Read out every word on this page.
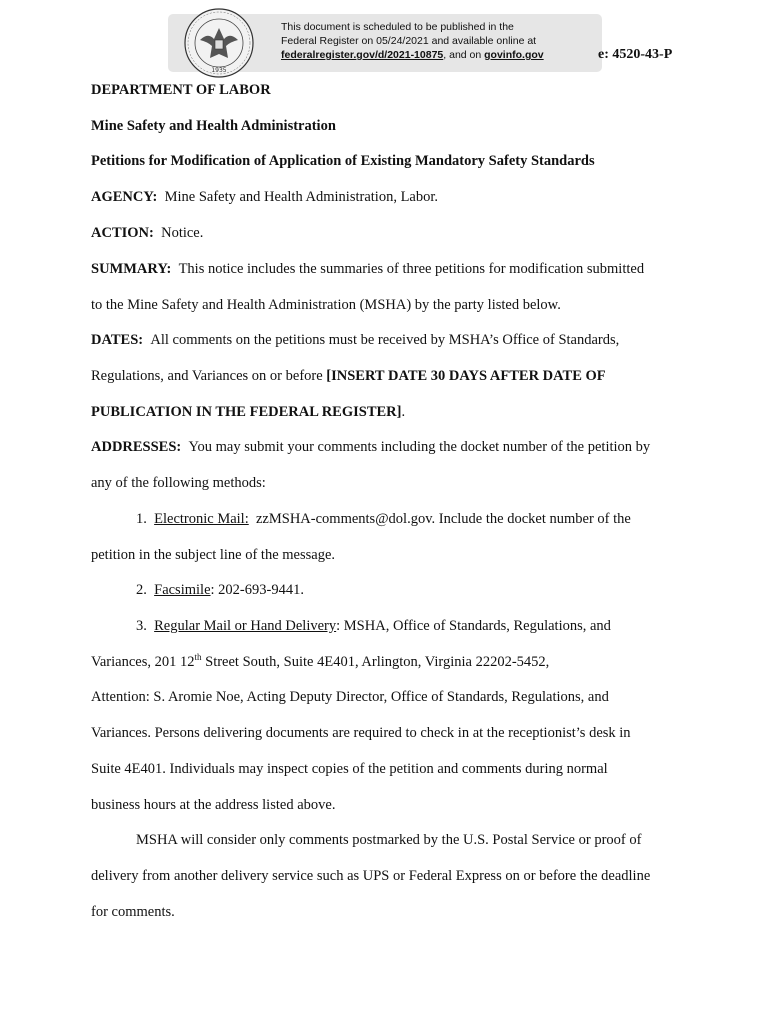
1935
This document is scheduled to be published in the
Federal Register on 05/24/2021 and available online at
federalregister.gov/d/2021-10875, and on govinfo.gov	e: 4520-43-P
DEPARTMENT OF LABOR
Mine Safety and Health Administration
Petitions for Modification of Application of Existing Mandatory Safety Standards
AGENCY: Mine Safety and Health Administration, Labor.
ACTION: Notice.
SUMMARY: This notice includes the summaries of three petitions for modification submitted
to the Mine Safety and Health Administration (MSHA) by the party listed below.
DATES: All comments on the petitions must be received by MSHA’s Office of Standards,
Regulations, and Variances on or before [INSERT DATE 30 DAYS AFTER DATE OF
PUBLICATION IN THE FEDERAL REGISTER].
ADDRESSES: You may submit your comments including the docket number of the petition by
any of the following methods:
1. Electronic Mail: zzMSHA-comments@dol.gov. Include the docket number of the
petition in the subject line of the message.
2. Facsimile: 202-693-9441.
3. Regular Mail or Hand Delivery: MSHA, Office of Standards, Regulations, and
Variances, 201 12th Street South, Suite 4E401, Arlington, Virginia 22202-5452,
Attention: S. Aromie Noe, Acting Deputy Director, Office of Standards, Regulations, and
Variances. Persons delivering documents are required to check in at the receptionist’s desk in
Suite 4E401. Individuals may inspect copies of the petition and comments during normal
business hours at the address listed above.
MSHA will consider only comments postmarked by the U.S. Postal Service or proof of
delivery from another delivery service such as UPS or Federal Express on or before the deadline
for comments.
